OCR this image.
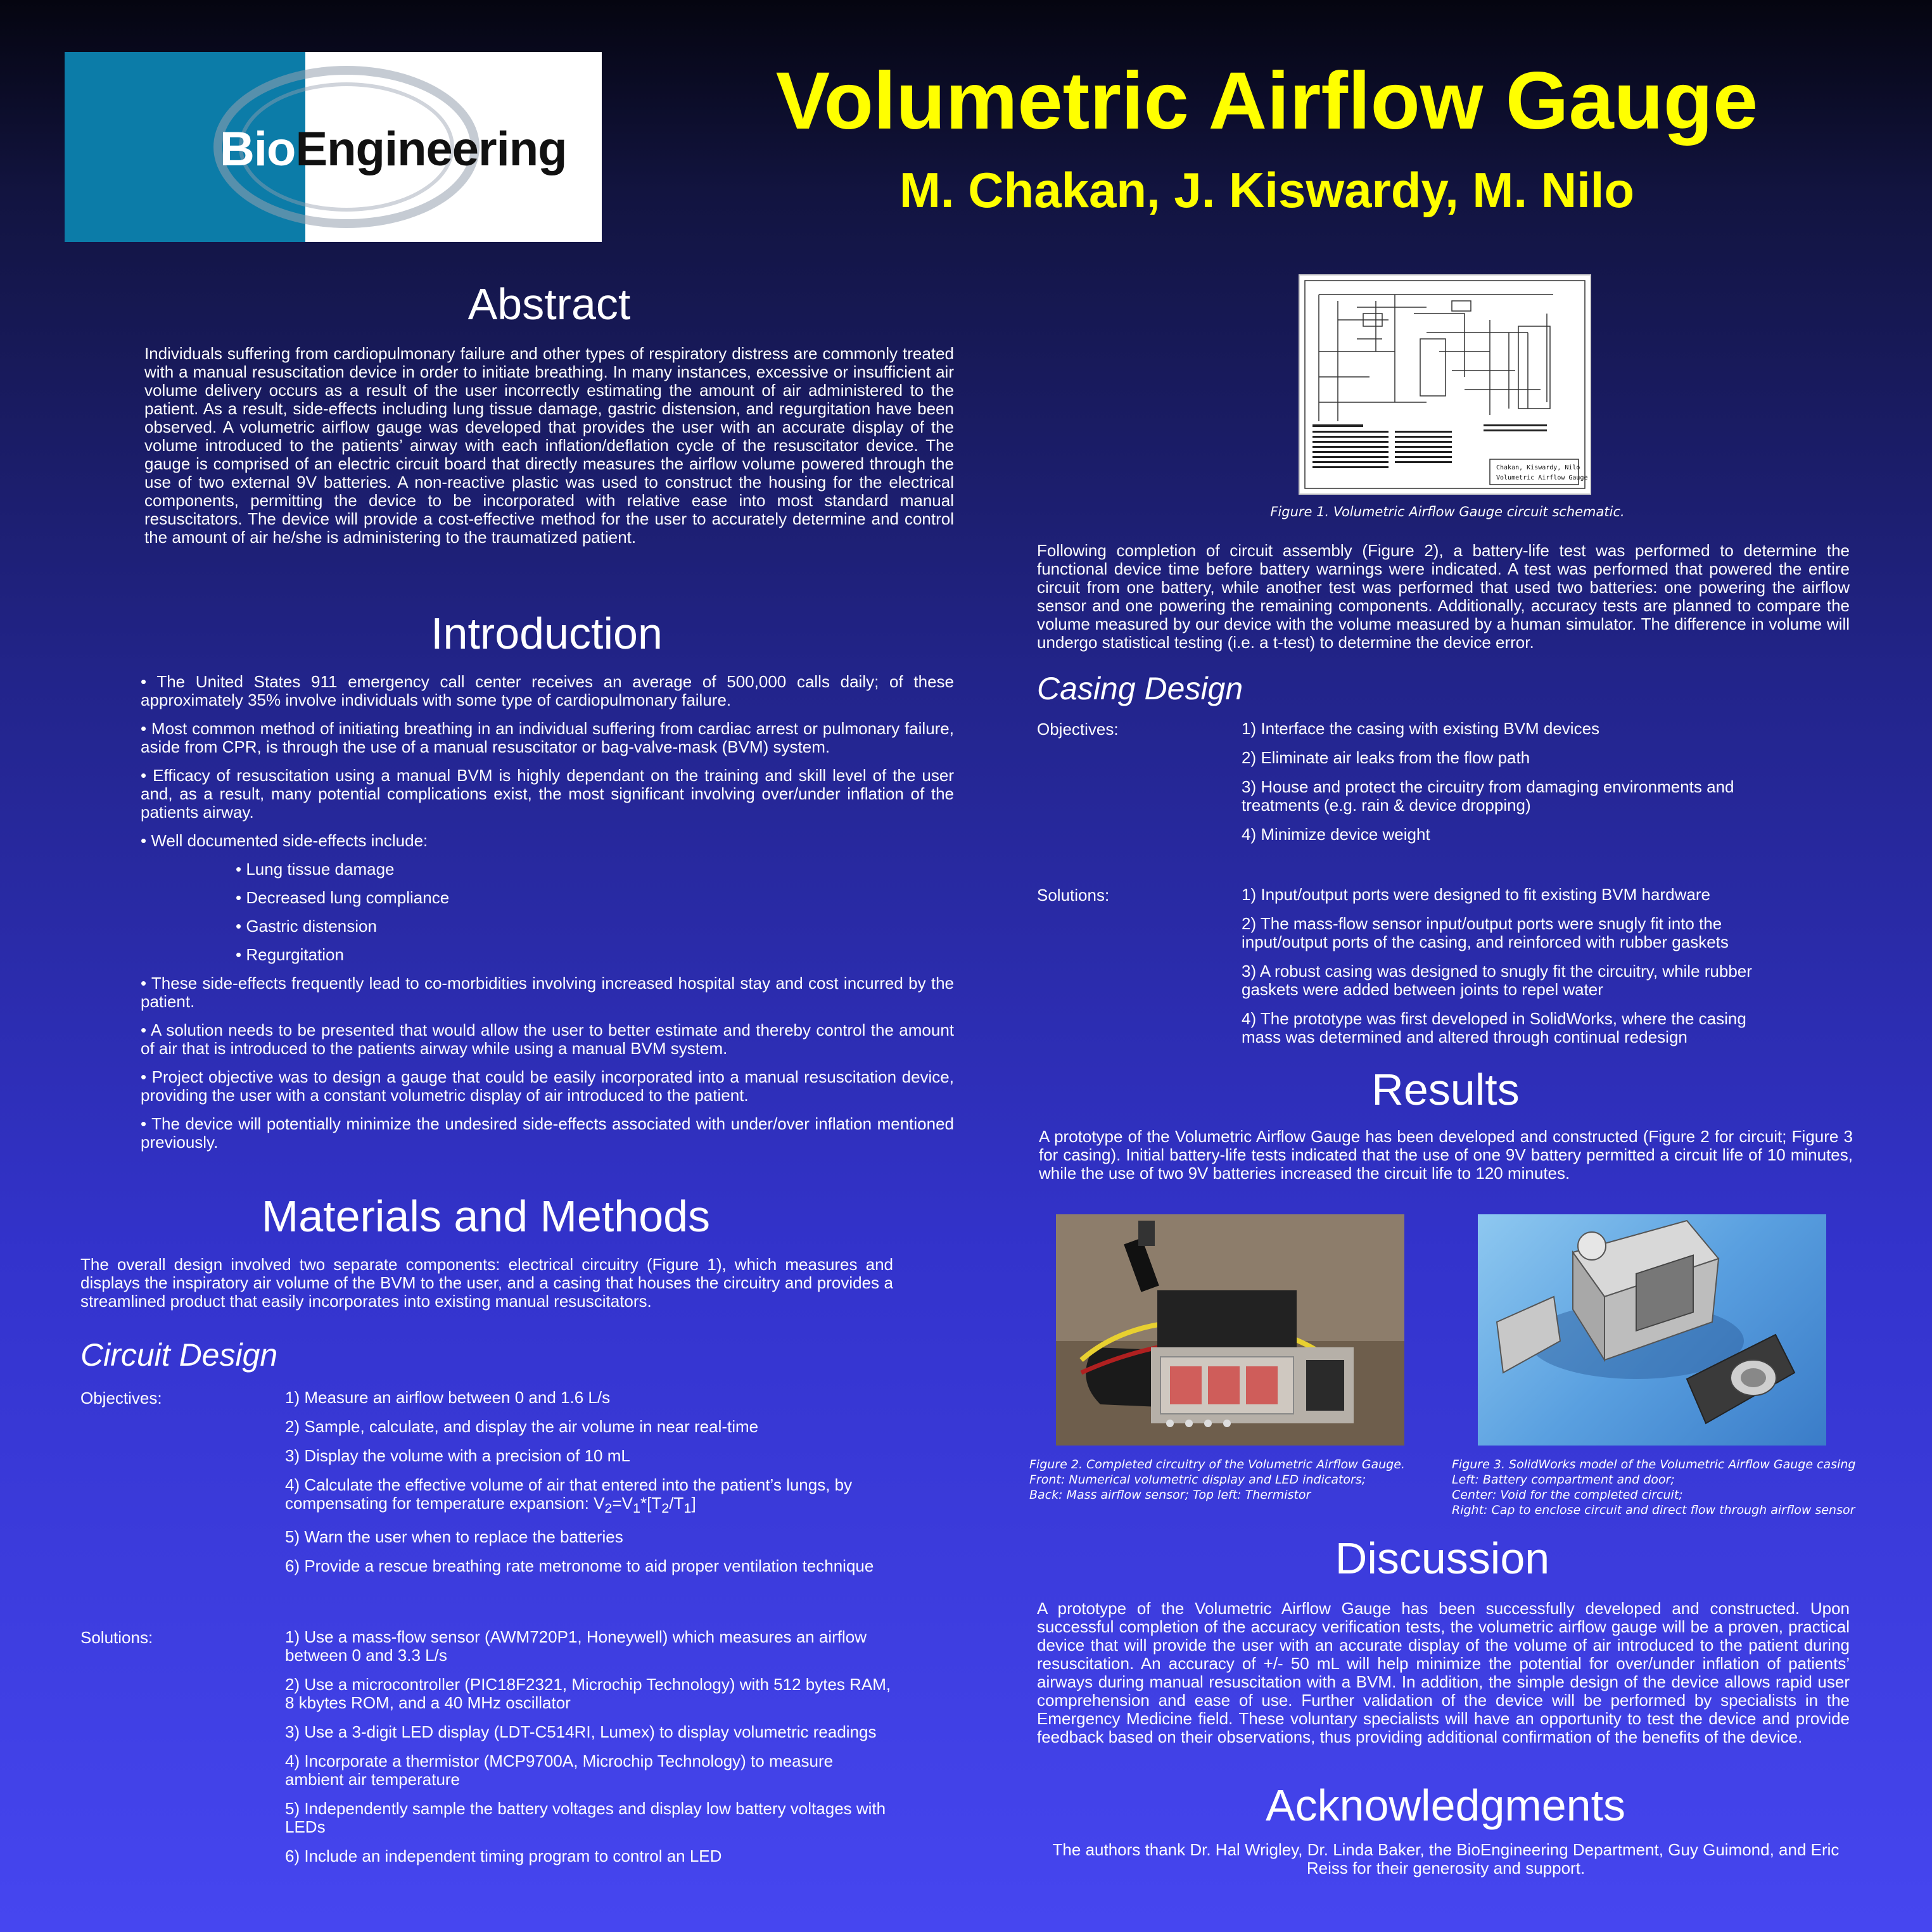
BioEngineering
Volumetric Airflow Gauge
M. Chakan, J. Kiswardy, M. Nilo
Abstract
Individuals suffering from cardiopulmonary failure and other types of respiratory distress are commonly treated with a manual resuscitation device in order to initiate breathing. In many instances, excessive or insufficient air volume delivery occurs as a result of the user incorrectly estimating the amount of air administered to the patient. As a result, side-effects including lung tissue damage, gastric distension, and regurgitation have been observed. A volumetric airflow gauge was developed that provides the user with an accurate display of the volume introduced to the patients’ airway with each inflation/deflation cycle of the resuscitator device. The gauge is comprised of an electric circuit board that directly measures the airflow volume powered through the use of two external 9V batteries. A non-reactive plastic was used to construct the housing for the electrical components, permitting the device to be incorporated with relative ease into most standard manual resuscitators. The device will provide a cost-effective method for the user to accurately determine and control the amount of air he/she is administering to the traumatized patient.
Introduction

• The United States 911 emergency call center receives an average of 500,000 calls daily; of these approximately 35% involve individuals with some type of cardiopulmonary failure.

• Most common method of initiating breathing in an individual suffering from cardiac arrest or pulmonary failure, aside from CPR, is through the use of a manual resuscitator or bag-valve-mask (BVM) system.

• Efficacy of resuscitation using a manual BVM is highly dependant on the training and skill level of the user and, as a result, many potential complications exist, the most significant involving over/under inflation of the patients airway.

• Well documented side-effects include:

• Lung tissue damage

• Decreased lung compliance

• Gastric distension

• Regurgitation

• These side-effects frequently lead to co-morbidities involving increased hospital stay and cost incurred by the patient.

• A solution needs to be presented that would allow the user to better estimate and thereby control the amount of air that is introduced to the patients airway while using a manual BVM system.

• Project objective was to design a gauge that could be easily incorporated into a manual resuscitation device, providing the user with a constant volumetric display of air introduced to the patient.

• The device will potentially minimize the undesired side-effects associated with under/over inflation mentioned previously.

Materials and Methods
The overall design involved two separate components: electrical circuitry (Figure 1), which measures and displays the inspiratory air volume of the BVM to the user, and a casing that houses the circuitry and provides a streamlined product that easily incorporates into existing manual resuscitators.
Circuit Design
Objectives:	1) Measure an airflow between 0 and 1.6 L/s

2) Sample, calculate, and display the air volume in near real-time

3) Display the volume with a precision of 10 mL

4) Calculate the effective volume of air that entered into the patient’s lungs, by compensating for temperature expansion: $V_2=V_1*[T_2/T_1]$

5) Warn the user when to replace the batteries

6) Provide a rescue breathing rate metronome to aid proper ventilation technique

Solutions:	1) Use a mass-flow sensor (AWM720P1, Honeywell) which measures an airflow between 0 and 3.3 L/s

2) Use a microcontroller (PIC18F2321, Microchip Technology) with 512 bytes RAM, 8 kbytes ROM, and a 40 MHz oscillator

3) Use a 3-digit LED display (LDT-C514RI, Lumex) to display volumetric readings

4) Incorporate a thermistor (MCP9700A, Microchip Technology) to measure ambient air temperature

5) Independently sample the battery voltages and display low battery voltages with LEDs

6) Include an independent timing program to control an LED

Chakan, Kiswardy, Nilo
Volumetric Airflow Gauge
Figure 1. Volumetric Airflow Gauge circuit schematic.
Following completion of circuit assembly (Figure 2), a battery-life test was performed to determine the functional device time before battery warnings were indicated. A test was performed that powered the entire circuit from one battery, while another test was performed that used two batteries: one powering the airflow sensor and one powering the remaining components. Additionally, accuracy tests are planned to compare the volume measured by our device with the volume measured by a human simulator. The difference in volume will undergo statistical testing (i.e. a t-test) to determine the device error.
Casing Design
Objectives:	1) Interface the casing with existing BVM devices

2) Eliminate air leaks from the flow path

3) House and protect the circuitry from damaging environments and treatments (e.g. rain & device dropping)

4) Minimize device weight

Solutions:	1) Input/output ports were designed to fit existing BVM hardware

2) The mass-flow sensor input/output ports were snugly fit into the input/output ports of the casing, and reinforced with rubber gaskets

3) A robust casing was designed to snugly fit the circuitry, while rubber gaskets were added between joints to repel water

4) The prototype was first developed in SolidWorks, where the casing mass was determined and altered through continual redesign

Results
A prototype of the Volumetric Airflow Gauge has been developed and constructed (Figure 2 for circuit; Figure 3 for casing). Initial battery-life tests indicated that the use of one 9V battery permitted a circuit life of 10 minutes, while the use of two 9V batteries increased the circuit life to 120 minutes.
Figure 2. Completed circuitry of the Volumetric Airflow Gauge.
Front: Numerical volumetric display and LED indicators;
Back: Mass airflow sensor; Top left: Thermistor
Figure 3. SolidWorks model of the Volumetric Airflow Gauge casing
Left: Battery compartment and door;
Center: Void for the completed circuit;
Right: Cap to enclose circuit and direct flow through airflow sensor
Discussion
A prototype of the Volumetric Airflow Gauge has been successfully developed and constructed. Upon successful completion of the accuracy verification tests, the volumetric airflow gauge will be a proven, practical device that will provide the user with an accurate display of the volume of air introduced to the patient during resuscitation. An accuracy of +/- 50 mL will help minimize the potential for over/under inflation of patients’ airways during manual resuscitation with a BVM. In addition, the simple design of the device allows rapid user comprehension and ease of use. Further validation of the device will be performed by specialists in the Emergency Medicine field. These voluntary specialists will have an opportunity to test the device and provide feedback based on their observations, thus providing additional confirmation of the benefits of the device.
Acknowledgments
The authors thank Dr. Hal Wrigley, Dr. Linda Baker, the BioEngineering Department, Guy Guimond, and Eric Reiss for their generosity and support.
